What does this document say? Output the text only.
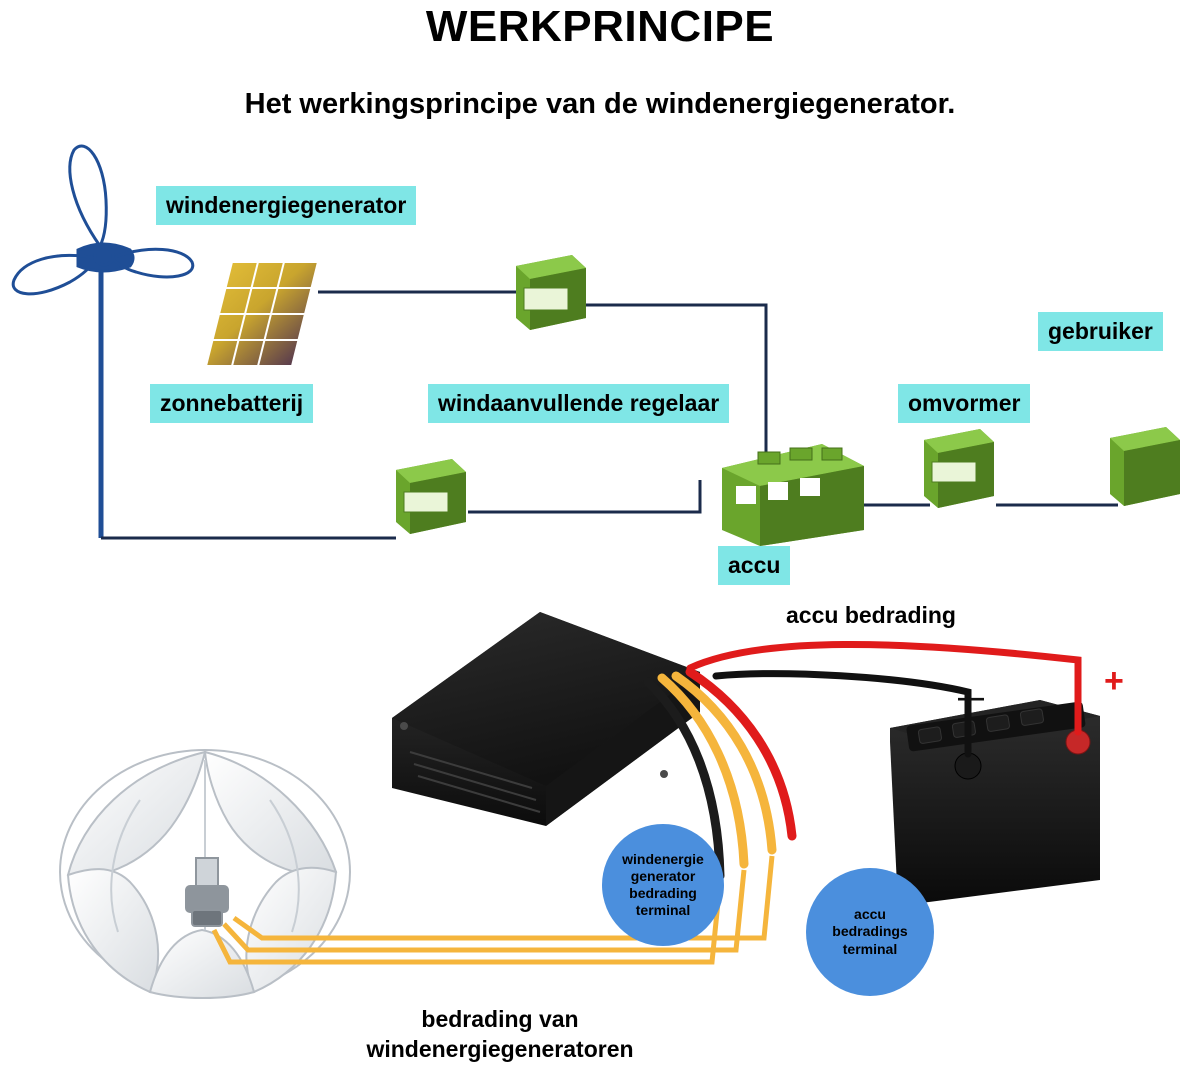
WERKPRINCIPE
Het werkingsprincipe van de windenergiegenerator.
windenergiegenerator
zonnebatterij	windaanvullende regelaar	omvormer
gebruiker
accu
+
—
accu bedrading
bedrading van
windenergiegeneratoren
windenergie
generator
bedrading
terminal	accu
bedradings
terminal
